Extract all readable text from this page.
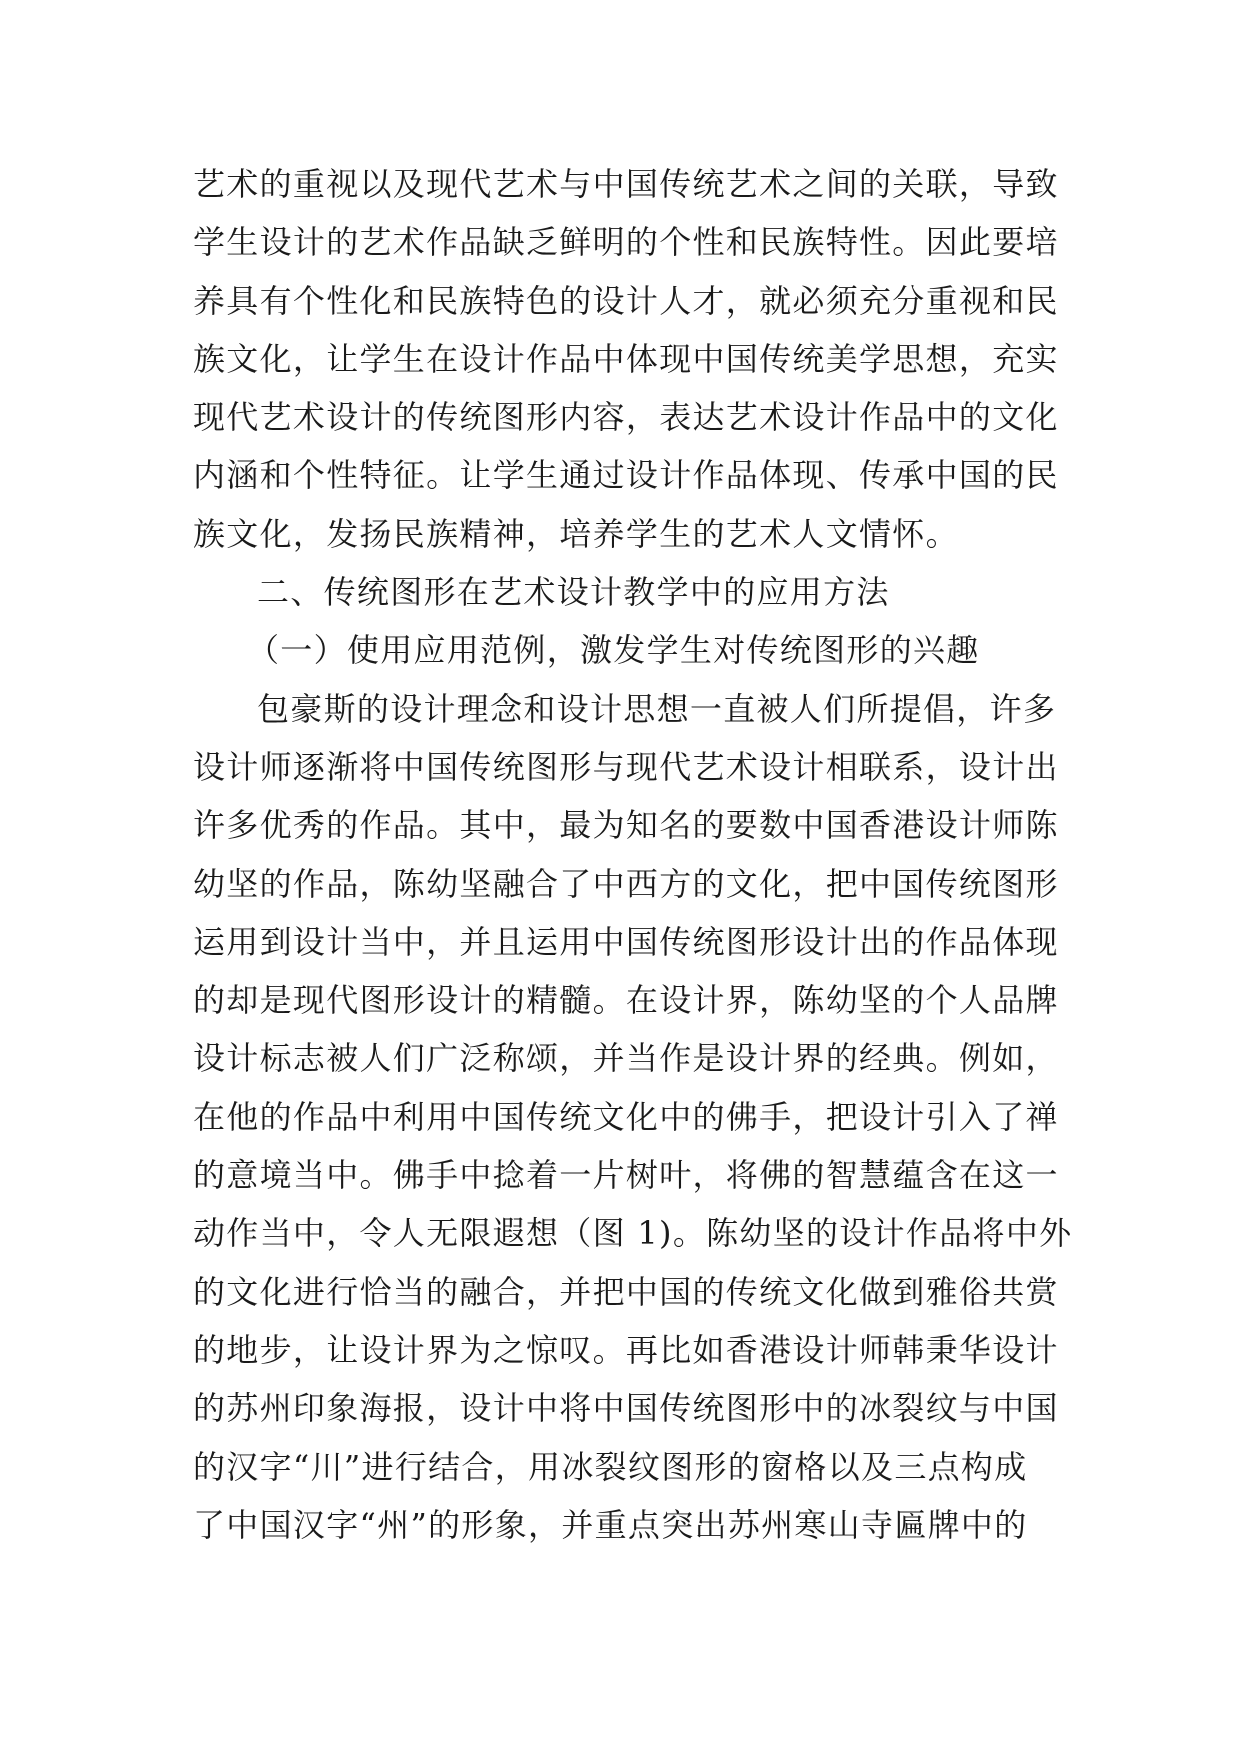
艺术的重视以及现代艺术与中国传统艺术之间的关联，导致
学生设计的艺术作品缺乏鲜明的个性和民族特性。因此要培
养具有个性化和民族特色的设计人才，就必须充分重视和民
族文化，让学生在设计作品中体现中国传统美学思想，充实
现代艺术设计的传统图形内容，表达艺术设计作品中的文化
内涵和个性特征。让学生通过设计作品体现、传承中国的民
族文化，发扬民族精神，培养学生的艺术人文情怀。
二、传统图形在艺术设计教学中的应用方法
（一）使用应用范例，激发学生对传统图形的兴趣
包豪斯的设计理念和设计思想一直被人们所提倡，许多
设计师逐渐将中国传统图形与现代艺术设计相联系，设计出
许多优秀的作品。其中，最为知名的要数中国香港设计师陈
幼坚的作品，陈幼坚融合了中西方的文化，把中国传统图形
运用到设计当中，并且运用中国传统图形设计出的作品体现
的却是现代图形设计的精髓。在设计界，陈幼坚的个人品牌
设计标志被人们广泛称颂，并当作是设计界的经典。例如，
在他的作品中利用中国传统文化中的佛手，把设计引入了禅
的意境当中。佛手中捻着一片树叶，将佛的智慧蕴含在这一
动作当中，令人无限遐想（图 1)。陈幼坚的设计作品将中外
的文化进行恰当的融合，并把中国的传统文化做到雅俗共赏
的地步，让设计界为之惊叹。再比如香港设计师韩秉华设计
的苏州印象海报，设计中将中国传统图形中的冰裂纹与中国
的汉字“川”进行结合，用冰裂纹图形的窗格以及三点构成
了中国汉字“州”的形象，并重点突出苏州寒山寺匾牌中的
